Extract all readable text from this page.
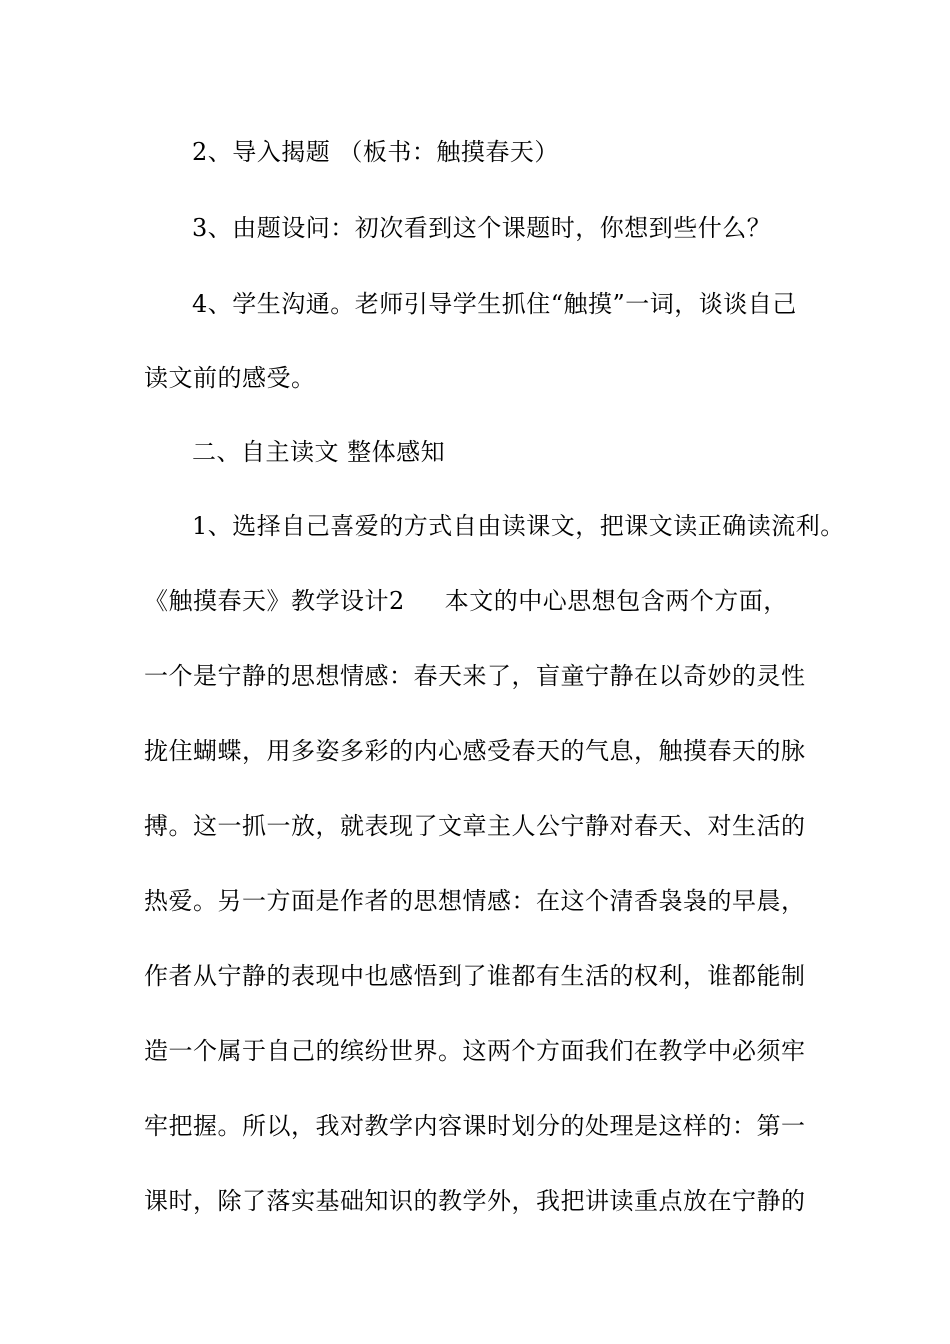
2、导入揭题 （板书：触摸春天）
3、由题设问：初次看到这个课题时，你想到些什么？
4、学生沟通。老师引导学生抓住“触摸”一词，谈谈自己
读文前的感受。
二、自主读文 整体感知
1、选择自己喜爱的方式自由读课文，把课文读正确读流利。
《触摸春天》教学设计2 本文的中心思想包含两个方面，
一个是宁静的思想情感：春天来了，盲童宁静在以奇妙的灵性
拢住蝴蝶，用多姿多彩的内心感受春天的气息，触摸春天的脉
搏。这一抓一放，就表现了文章主人公宁静对春天、对生活的
热爱。另一方面是作者的思想情感：在这个清香袅袅的早晨，
作者从宁静的表现中也感悟到了谁都有生活的权利，谁都能制
造一个属于自己的缤纷世界。这两个方面我们在教学中必须牢
牢把握。所以，我对教学内容课时划分的处理是这样的：第一
课时，除了落实基础知识的教学外，我把讲读重点放在宁静的
